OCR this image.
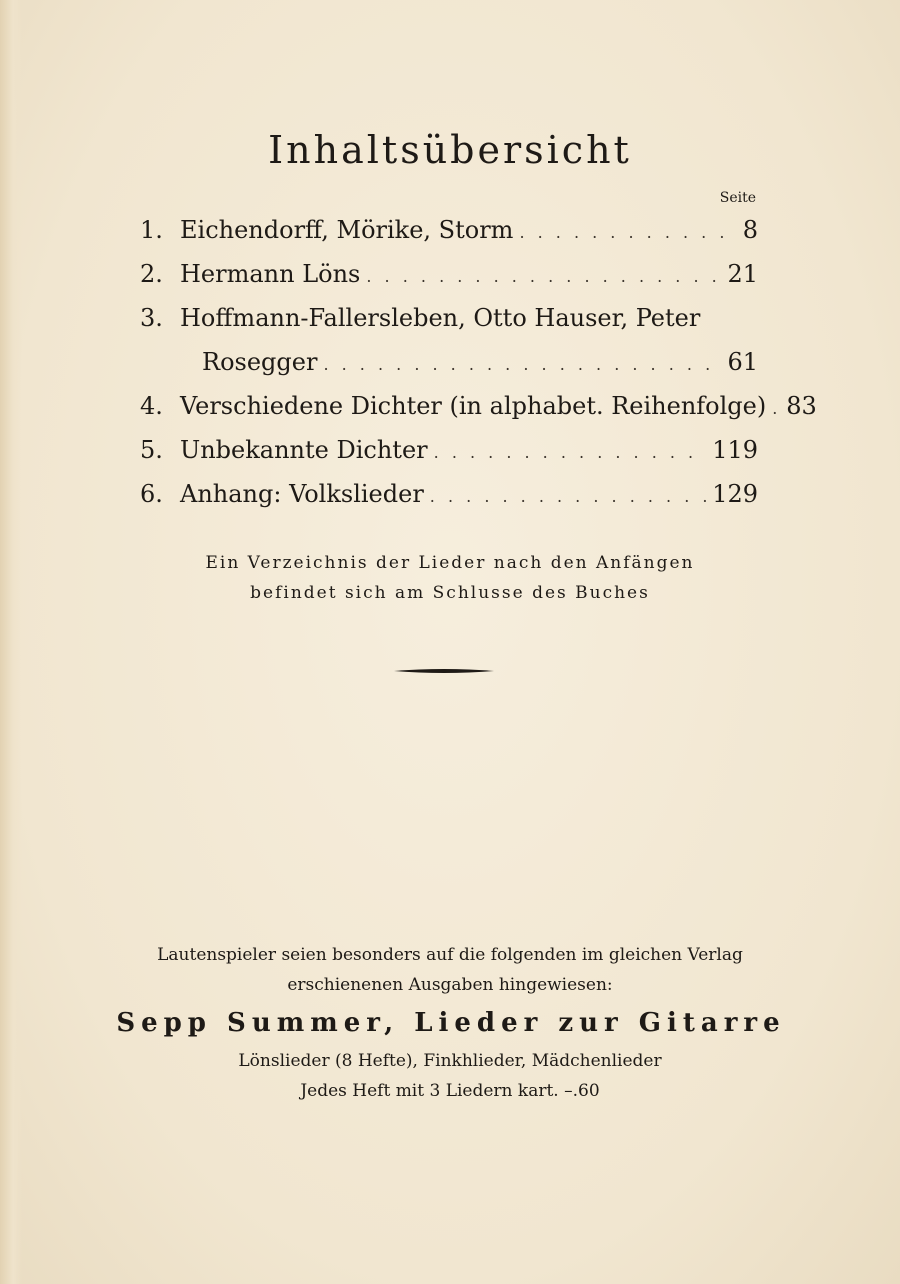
Inhaltsübersicht
Seite
1. Eichendorff, Mörike, Storm . . .	8
2. Hermann Löns . . .	21
3. Hoffmann-Fallersleben, Otto Hauser, Peter
Rosegger . . .	61
4. Verschiedene Dichter (in alphabet. Reihenfolge) . . . 83
5. Unbekannte Dichter . . .	119
6. Anhang: Volkslieder . . .	129
Ein Verzeichnis der Lieder nach den Anfängen
befindet sich am Schlusse des Buches
Lautenspieler seien besonders auf die folgenden im gleichen Verlag
erschienenen Ausgaben hingewiesen:
Sepp Summer, Lieder zur Gitarre
Lönslieder (8 Hefte), Finkhlieder, Mädchenlieder
Jedes Heft mit 3 Liedern kart. –.60
